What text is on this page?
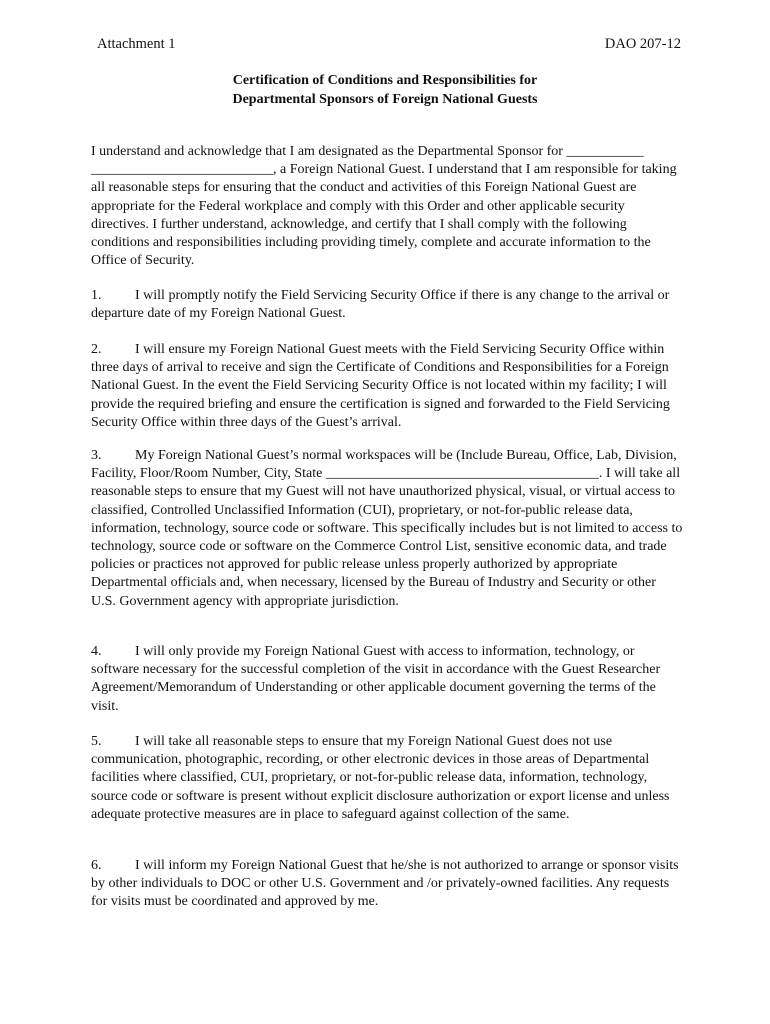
Attachment 1	DAO 207-12
Certification of Conditions and Responsibilities for
Departmental Sponsors of Foreign National Guests

I understand and acknowledge that I am designated as the Departmental Sponsor for ___________ __________________________, a Foreign National Guest. I understand that I am responsible for taking all reasonable steps for ensuring that the conduct and activities of this Foreign National Guest are appropriate for the Federal workplace and comply with this Order and other applicable security directives. I further understand, acknowledge, and certify that I shall comply with the following conditions and responsibilities including providing timely, complete and accurate information to the Office of Security.

1. I will promptly notify the Field Servicing Security Office if there is any change to the arrival or departure date of my Foreign National Guest.

2. I will ensure my Foreign National Guest meets with the Field Servicing Security Office within three days of arrival to receive and sign the Certificate of Conditions and Responsibilities for a Foreign National Guest. In the event the Field Servicing Security Office is not located within my facility; I will provide the required briefing and ensure the certification is signed and forwarded to the Field Servicing Security Office within three days of the Guest’s arrival.

3. My Foreign National Guest’s normal workspaces will be (Include Bureau, Office, Lab, Division, Facility, Floor/Room Number, City, State _______________________________________. I will take all reasonable steps to ensure that my Guest will not have unauthorized physical, visual, or virtual access to classified, Controlled Unclassified Information (CUI), proprietary, or not-for-public release data, information, technology, source code or software. This specifically includes but is not limited to access to technology, source code or software on the Commerce Control List, sensitive economic data, and trade policies or practices not approved for public release unless properly authorized by appropriate Departmental officials and, when necessary, licensed by the Bureau of Industry and Security or other U.S. Government agency with appropriate jurisdiction.

4. I will only provide my Foreign National Guest with access to information, technology, or software necessary for the successful completion of the visit in accordance with the Guest Researcher Agreement/Memorandum of Understanding or other applicable document governing the terms of the visit.

5. I will take all reasonable steps to ensure that my Foreign National Guest does not use communication, photographic, recording, or other electronic devices in those areas of Departmental facilities where classified, CUI, proprietary, or not-for-public release data, information, technology, source code or software is present without explicit disclosure authorization or export license and unless adequate protective measures are in place to safeguard against collection of the same.

6. I will inform my Foreign National Guest that he/she is not authorized to arrange or sponsor visits by other individuals to DOC or other U.S. Government and /or privately-owned facilities. Any requests for visits must be coordinated and approved by me.
